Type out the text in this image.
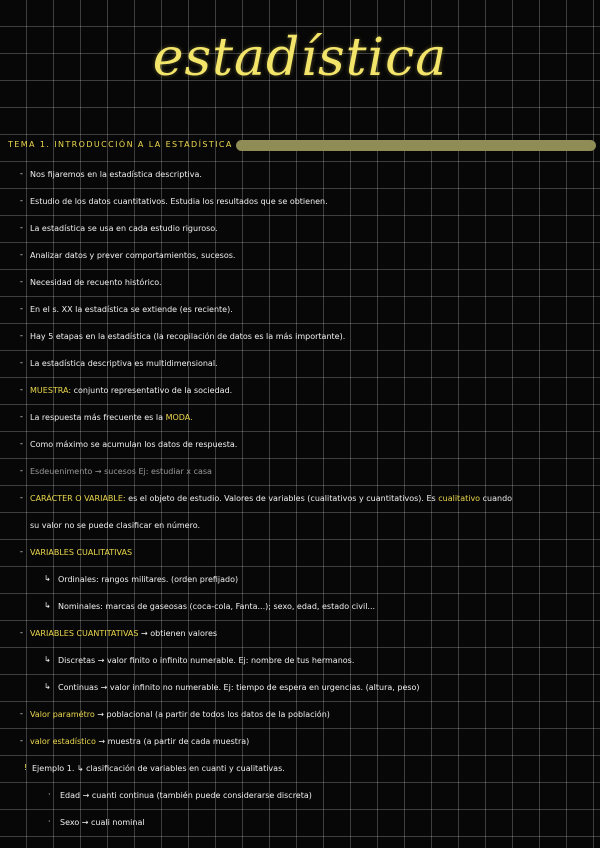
estadística
TEMA 1. INTRODUCCIÓN A LA ESTADÍSTICA
- Nos fijaremos en la estadística descriptiva.
- Estudio de los datos cuantitativos. Estudia los resultados que se obtienen.
- La estadística se usa en cada estudio riguroso.
- Analizar datos y prever comportamientos, sucesos.
- Necesidad de recuento histórico.
- En el s. XX la estadística se extiende (es reciente).
- Hay 5 etapas en la estadística (la recopilación de datos es la más importante).
- La estadística descriptiva es multidimensional.
- MUESTRA: conjunto representativo de la sociedad.
- La respuesta más frecuente es la MODA.
- Como máximo se acumulan los datos de respuesta.
- Esdeuenimento → sucesos Ej: estudiar x casa
- CARÁCTER O VARIABLE: es el objeto de estudio. Valores de variables (cualitativos y cuantitativos). Es cualitativo cuando
su valor no se puede clasificar en número.
- VARIABLES CUALITATIVAS
↳ Ordinales: rangos militares. (orden prefijado)
↳ Nominales: marcas de gaseosas (coca-cola, Fanta...); sexo, edad, estado civil...
- VARIABLES CUANTITATIVAS → obtienen valores
↳ Discretas → valor finito o infinito numerable. Ej: nombre de tus hermanos.
↳ Continuas → valor infinito no numerable. Ej: tiempo de espera en urgencias. (altura, peso)
- Valor paramétro → poblacional (a partir de todos los datos de la población)
- valor estadístico → muestra (a partir de cada muestra)
! Ejemplo 1. ↳ clasificación de variables en cuanti y cualitativas.
· Edad → cuanti continua (también puede considerarse discreta)
· Sexo → cuali nominal
